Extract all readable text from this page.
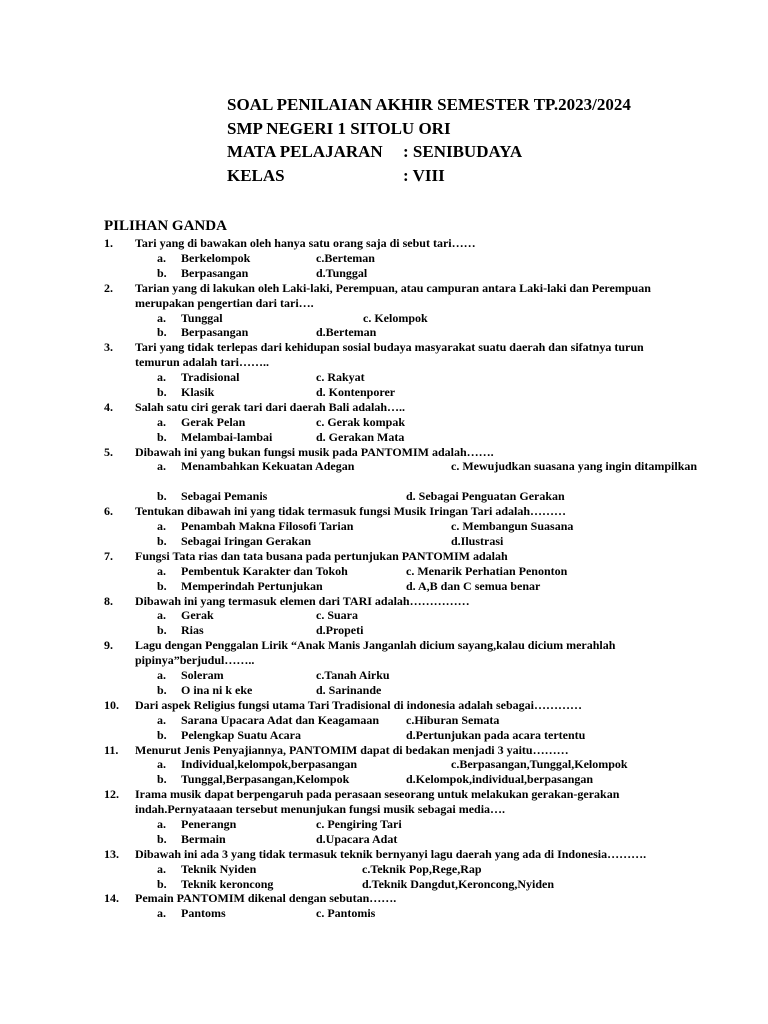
SOAL PENILAIAN AKHIR SEMESTER TP.2023/2024
SMP NEGERI 1 SITOLU ORI
MATA PELAJARAN : SENIBUDAYA
KELAS	: VIII
PILIHAN GANDA
1.	Tari yang di bawakan oleh hanya satu orang saja di sebut tari……
a. Berkelompok	c.Berteman
b. Berpasangan	d.Tunggal
2.	Tarian yang di lakukan oleh Laki-laki, Perempuan, atau campuran antara Laki-laki dan Perempuan merupakan pengertian dari tari….
a. Tunggal	c. Kelompok
b. Berpasangan	d.Berteman
3.	Tari yang tidak terlepas dari kehidupan sosial budaya masyarakat suatu daerah dan sifatnya turun temurun adalah tari……..
a. Tradisional	c. Rakyat
b. Klasik	d. Kontenporer
4.	Salah satu ciri gerak tari dari daerah Bali adalah…..
a. Gerak Pelan	c. Gerak kompak
b. Melambai-lambai	d. Gerakan Mata
5.	Dibawah ini yang bukan fungsi musik pada PANTOMIM adalah…….
a. Menambahkan Kekuatan Adegan	c. Mewujudkan suasana yang ingin ditampilkan
b. Sebagai Pemanis	d. Sebagai Penguatan Gerakan
6.	Tentukan dibawah ini yang tidak termasuk fungsi Musik Iringan Tari adalah………
a. Penambah Makna Filosofi Tarian	c. Membangun Suasana
b. Sebagai Iringan Gerakan	d.Ilustrasi
7.	Fungsi Tata rias dan tata busana pada pertunjukan PANTOMIM adalah
a. Pembentuk Karakter dan Tokoh	c. Menarik Perhatian Penonton
b. Memperindah Pertunjukan	d. A,B dan C semua benar
8.	Dibawah ini yang termasuk elemen dari TARI adalah……………
a. Gerak	c. Suara
b. Rias	d.Propeti
9.	Lagu dengan Penggalan Lirik “Anak Manis Janganlah dicium sayang,kalau dicium merahlah pipinya”berjudul……..
a. Soleram	c.Tanah Airku
b. O ina ni k eke	d. Sarinande
10.	Dari aspek Religius fungsi utama Tari Tradisional di indonesia adalah sebagai…………
a. Sarana Upacara Adat dan Keagamaan c.Hiburan Semata
b. Pelengkap Suatu Acara	d.Pertunjukan pada acara tertentu
11.	Menurut Jenis Penyajiannya, PANTOMIM dapat di bedakan menjadi 3 yaitu………
a. Individual,kelompok,berpasangan	c.Berpasangan,Tunggal,Kelompok
b. Tunggal,Berpasangan,Kelompok	d.Kelompok,individual,berpasangan
12.	Irama musik dapat berpengaruh pada perasaan seseorang untuk melakukan gerakan-gerakan indah.Pernyataaan tersebut menunjukan fungsi musik sebagai media….
a. Penerangn	c. Pengiring Tari
b. Bermain	d.Upacara Adat
13.	Dibawah ini ada 3 yang tidak termasuk teknik bernyanyi lagu daerah yang ada di Indonesia……….
a. Teknik Nyiden	c.Teknik Pop,Rege,Rap
b. Teknik keroncong	d.Teknik Dangdut,Keroncong,Nyiden
14.	Pemain PANTOMIM dikenal dengan sebutan…….
a. Pantoms	c. Pantomis
